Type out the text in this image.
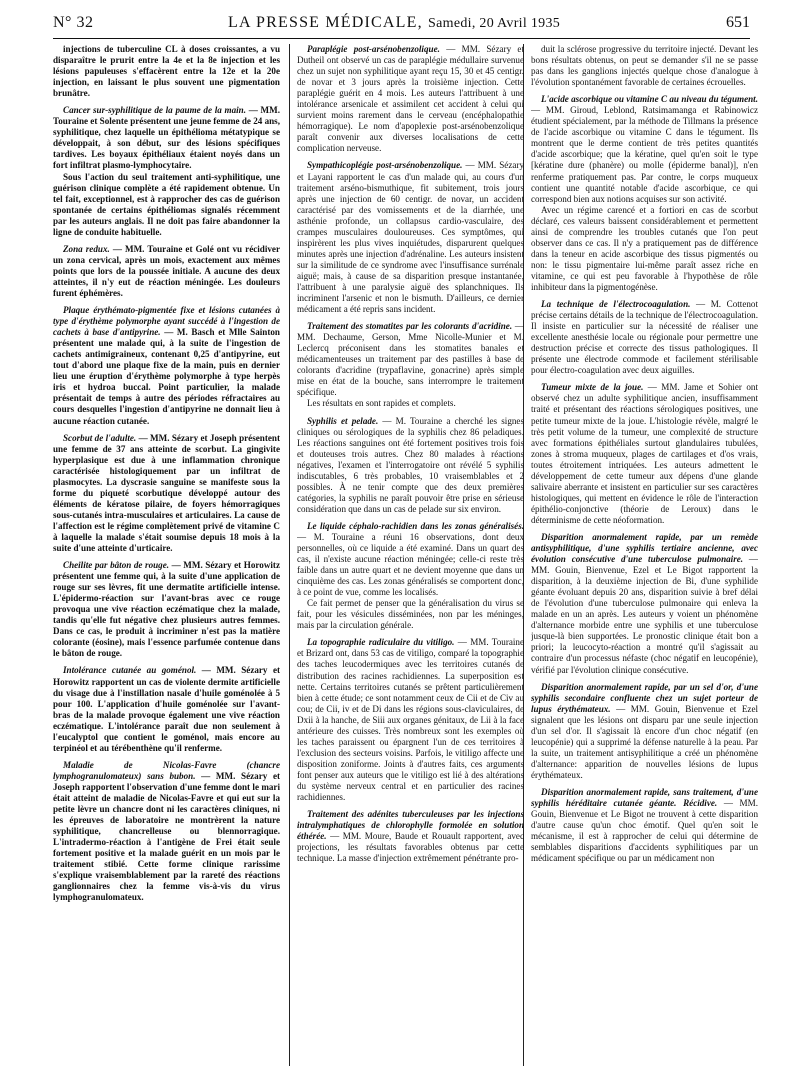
N° 32	LA PRESSE MÉDICALE, Samedi, 20 Avril 1935	651

injections de tuberculine CL à doses croissantes, a vu disparaître le prurit entre la 4e et la 8e injection et les lésions papuleuses s'effacèrent entre la 12e et la 20e injection, en laissant le plus souvent une pigmentation brunâtre.

Cancer sur-syphilitique de la paume de la main. — MM. Touraine et Solente présentent une jeune femme de 24 ans, syphilitique, chez laquelle un épithélioma métatypique se développait, à son début, sur des lésions spécifiques tardives. Les boyaux épithéliaux étaient noyés dans un fort infiltrat plasmo-lymphocytaire.

Sous l'action du seul traitement anti-syphilitique, une guérison clinique complète a été rapidement obtenue. Un tel fait, exceptionnel, est à rapprocher des cas de guérison spontanée de certains épithéliomas signalés récemment par les auteurs anglais. Il ne doit pas faire abandonner la ligne de conduite habituelle.

Zona redux. — MM. Touraine et Golé ont vu récidiver un zona cervical, après un mois, exactement aux mêmes points que lors de la poussée initiale. A aucune des deux atteintes, il n'y eut de réaction méningée. Les douleurs furent éphémères.

Plaque érythémato-pigmentée fixe et lésions cutanées à type d'érythème polymorphe ayant succédé à l'ingestion de cachets à base d'antipyrine. — M. Basch et Mlle Sainton présentent une malade qui, à la suite de l'ingestion de cachets antimigraineux, contenant 0,25 d'antipyrine, eut tout d'abord une plaque fixe de la main, puis en dernier lieu une éruption d'érythème polymorphe à type herpès iris et hydroa buccal. Point particulier, la malade présentait de temps à autre des périodes réfractaires au cours desquelles l'ingestion d'antipyrine ne donnait lieu à aucune réaction cutanée.

Scorbut de l'adulte. — MM. Sézary et Joseph présentent une femme de 37 ans atteinte de scorbut. La gingivite hyperplasique est due à une inflammation chronique caractérisée histologiquement par un infiltrat de plasmocytes. La dyscrasie sanguine se manifeste sous la forme du piqueté scorbutique développé autour des éléments de kératose pilaire, de foyers hémorragiques sous-cutanés intra-musculaires et articulaires. La cause de l'affection est le régime complètement privé de vitamine C à laquelle la malade s'était soumise depuis 18 mois à la suite d'une atteinte d'urticaire.

Cheilite par bâton de rouge. — MM. Sézary et Horowitz présentent une femme qui, à la suite d'une application de rouge sur ses lèvres, fit une dermatite artificielle intense. L'épidermo-réaction sur l'avant-bras avec ce rouge provoqua une vive réaction eczématique chez la malade, tandis qu'elle fut négative chez plusieurs autres femmes. Dans ce cas, le produit à incriminer n'est pas la matière colorante (éosine), mais l'essence parfumée contenue dans le bâton de rouge.

Intolérance cutanée au goménol. — MM. Sézary et Horowitz rapportent un cas de violente dermite artificielle du visage due à l'instillation nasale d'huile goménolée à 5 pour 100. L'application d'huile goménolée sur l'avant-bras de la malade provoque également une vive réaction eczématique. L'intolérance paraît due non seulement à l'eucalyptol que contient le goménol, mais encore au terpinéol et au térébenthène qu'il renferme.

Maladie de Nicolas-Favre (chancre lymphogranulomateux) sans bubon. — MM. Sézary et Joseph rapportent l'observation d'une femme dont le mari était atteint de maladie de Nicolas-Favre et qui eut sur la petite lèvre un chancre dont ni les caractères cliniques, ni les épreuves de laboratoire ne montrèrent la nature syphilitique, chancrelleuse ou blennorragique. L'intradermo-réaction à l'antigène de Frei était seule fortement positive et la malade guérit en un mois par le traitement stibié. Cette forme clinique rarissime s'explique vraisemblablement par la rareté des réactions ganglionnaires chez la femme vis-à-vis du virus lymphogranulomateux.

Paraplégie post-arsénobenzolique. — MM. Sézary et Dutheil ont observé un cas de paraplégie médullaire survenue chez un sujet non syphilitique ayant reçu 15, 30 et 45 centigr. de novar et 3 jours après la troisième injection. Cette paraplégie guérit en 4 mois. Les auteurs l'attribuent à une intolérance arsenicale et assimilent cet accident à celui qui survient moins rarement dans le cerveau (encéphalopathie hémorragique). Le nom d'apoplexie post-arsénobenzolique paraît convenir aux diverses localisations de cette complication nerveuse.

Sympathicoplégie post-arsénobenzolique. — MM. Sézary et Layani rapportent le cas d'un malade qui, au cours d'un traitement arséno-bismuthique, fit subitement, trois jours après une injection de 60 centigr. de novar, un accident caractérisé par des vomissements et de la diarrhée, une asthénie profonde, un collapsus cardio-vasculaire, des crampes musculaires douloureuses. Ces symptômes, qui inspirèrent les plus vives inquiétudes, disparurent quelques minutes après une injection d'adrénaline. Les auteurs insistent sur la similitude de ce syndrome avec l'insuffisance surrénale aiguë; mais, à cause de sa disparition presque instantanée, l'attribuent à une paralysie aiguë des splanchniques. Ils incriminent l'arsenic et non le bismuth. D'ailleurs, ce dernier médicament a été repris sans incident.

Traitement des stomatites par les colorants d'acridine. — MM. Dechaume, Gerson, Mme Nicolle-Munier et M. Leclercq préconisent dans les stomatites banales et médicamenteuses un traitement par des pastilles à base de colorants d'acridine (trypaflavine, gonacrine) après simple mise en état de la bouche, sans interrompre le traitement spécifique.

Les résultats en sont rapides et complets.

Syphilis et pelade. — M. Touraine a cherché les signes cliniques ou sérologiques de la syphilis chez 86 peladiques. Les réactions sanguines ont été fortement positives trois fois et douteuses trois autres. Chez 80 malades à réactions négatives, l'examen et l'interrogatoire ont révélé 5 syphilis indiscutables, 6 très probables, 10 vraisemblables et 2 possibles. À ne tenir compte que des deux premières catégories, la syphilis ne paraît pouvoir être prise en sérieuse considération que dans un cas de pelade sur six environ.

Le liquide céphalo-rachidien dans les zonas généralisés. — M. Touraine a réuni 16 observations, dont deux personnelles, où ce liquide a été examiné. Dans un quart des cas, il n'existe aucune réaction méningée; celle-ci reste très faible dans un autre quart et ne devient moyenne que dans un cinquième des cas. Les zonas généralisés se comportent donc, à ce point de vue, comme les localisés.

Ce fait permet de penser que la généralisation du virus se fait, pour les vésicules disséminées, non par les méninges, mais par la circulation générale.

La topographie radiculaire du vitiligo. — MM. Touraine et Brizard ont, dans 53 cas de vitiligo, comparé la topographie des taches leucodermiques avec les territoires cutanés de distribution des racines rachidiennes. La superposition est nette. Certains territoires cutanés se prêtent particulièrement bien à cette étude; ce sont notamment ceux de Cii et de Civ au cou; de Cii, iv et de Di dans les régions sous-claviculaires, de Dxii à la hanche, de Siii aux organes génitaux, de Lii à la face antérieure des cuisses. Très nombreux sont les exemples où les taches paraissent ou épargnent l'un de ces territoires à l'exclusion des secteurs voisins. Parfois, le vitiligo affecte une disposition zoniforme. Joints à d'autres faits, ces arguments font penser aux auteurs que le vitiligo est lié à des altérations du système nerveux central et en particulier des racines rachidiennes.

Traitement des adénites tuberculeuses par les injections intralymphatiques de chlorophylle formolée en solution éthérée. — MM. Moure, Baude et Rouault rapportent, avec projections, les résultats favorables obtenus par cette technique. La masse d'injection extrêmement pénétrante pro-

duit la sclérose progressive du territoire injecté. Devant les bons résultats obtenus, on peut se demander s'il ne se passe pas dans les ganglions injectés quelque chose d'analogue à l'évolution spontanément favorable de certaines écrouelles.

L'acide ascorbique ou vitamine C au niveau du tégument. — MM. Giroud, Leblond, Ratsimamanga et Rabinowicz étudient spécialement, par la méthode de Tillmans la présence de l'acide ascorbique ou vitamine C dans le tégument. Ils montrent que le derme contient de très petites quantités d'acide ascorbique; que la kératine, quel qu'en soit le type [kératine dure (phanère) ou molle (épiderme banal)], n'en renferme pratiquement pas. Par contre, le corps muqueux contient une quantité notable d'acide ascorbique, ce qui correspond bien aux notions acquises sur son activité.

Avec un régime carencé et a fortiori en cas de scorbut déclaré, ces valeurs baissent considérablement et permettent ainsi de comprendre les troubles cutanés que l'on peut observer dans ce cas. Il n'y a pratiquement pas de différence dans la teneur en acide ascorbique des tissus pigmentés ou non: le tissu pigmentaire lui-même paraît assez riche en vitamine, ce qui est peu favorable à l'hypothèse de rôle inhibiteur dans la pigmentogénèse.

La technique de l'électrocoagulation. — M. Cottenot précise certains détails de la technique de l'électrocoagulation. Il insiste en particulier sur la nécessité de réaliser une excellente anesthésie locale ou régionale pour permettre une destruction précise et correcte des tissus pathologiques. Il présente une électrode commode et facilement stérilisable pour électro-coagulation avec deux aiguilles.

Tumeur mixte de la joue. — MM. Jame et Sohier ont observé chez un adulte syphilitique ancien, insuffisamment traité et présentant des réactions sérologiques positives, une petite tumeur mixte de la joue. L'histologie révèle, malgré le très petit volume de la tumeur, une complexité de structure avec formations épithéliales surtout glandulaires tubulées, zones à stroma muqueux, plages de cartilages et d'os vrais, toutes étroitement intriquées. Les auteurs admettent le développement de cette tumeur aux dépens d'une glande salivaire aberrante et insistent en particulier sur ses caractères histologiques, qui mettent en évidence le rôle de l'interaction épithélio-conjonctive (théorie de Leroux) dans le déterminisme de cette néoformation.

Disparition anormalement rapide, par un remède antisyphilitique, d'une syphilis tertiaire ancienne, avec évolution consécutive d'une tuberculose pulmonaire. — MM. Gouin, Bienvenue, Ezel et Le Bigot rapportent la disparition, à la deuxième injection de Bi, d'une syphilide géante évoluant depuis 20 ans, disparition suivie à bref délai de l'évolution d'une tuberculose pulmonaire qui enleva la malade en un an après. Les auteurs y voient un phénomène d'alternance morbide entre une syphilis et une tuberculose jusque-là bien supportées. Le pronostic clinique était bon a priori; la leucocyto-réaction a montré qu'il s'agissait au contraire d'un processus néfaste (choc négatif en leucopénie), vérifié par l'évolution clinique consécutive.

Disparition anormalement rapide, par un sel d'or, d'une syphilis secondaire confluente chez un sujet porteur de lupus érythémateux. — MM. Gouin, Bienvenue et Ezel signalent que les lésions ont disparu par une seule injection d'un sel d'or. Il s'agissait là encore d'un choc négatif (en leucopénie) qui a supprimé la défense naturelle à la peau. Par la suite, un traitement antisyphilitique a créé un phénomène d'alternance: apparition de nouvelles lésions de lupus érythémateux.

Disparition anormalement rapide, sans traitement, d'une syphilis héréditaire cutanée géante. Récidive. — MM. Gouin, Bienvenue et Le Bigot ne trouvent à cette disparition d'autre cause qu'un choc émotif. Quel qu'en soit le mécanisme, il est à rapprocher de celui qui détermine de semblables disparitions d'accidents syphilitiques par un médicament spécifique ou par un médicament non
